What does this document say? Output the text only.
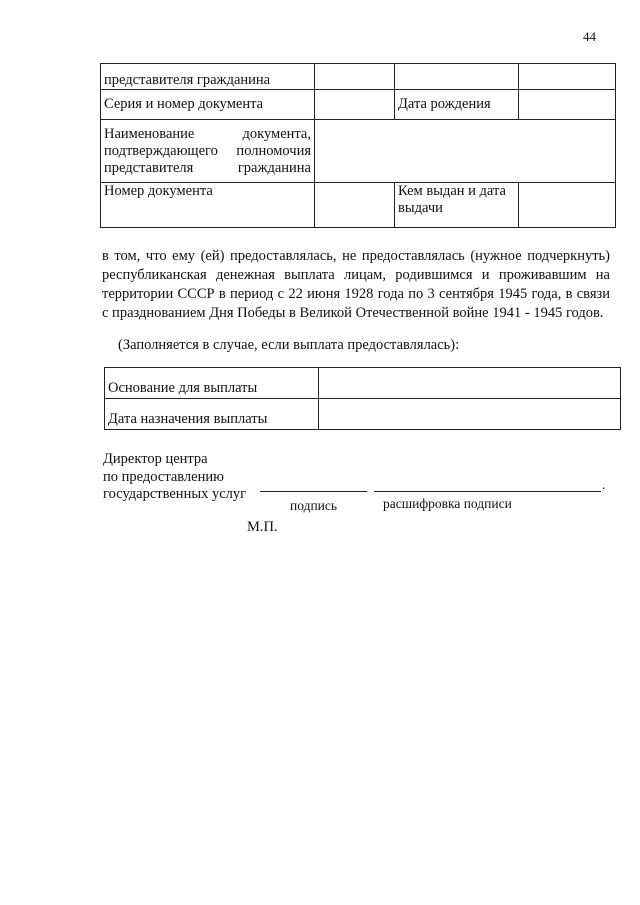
44
представителя гражданина			
Серия и номер документа		Дата рождения	
Наименование документа, подтверждающего полномочия представителя гражданина			
Номер документа		Кем выдан и дата выдачи	
в том, что ему (ей) предоставлялась, не предоставлялась (нужное подчеркнуть) республиканская денежная выплата лицам, родившимся и проживавшим на территории СССР в период с 22 июня 1928 года по 3 сентября 1945 года, в связи с празднованием Дня Победы в Великой Отечественной войне 1941 - 1945 годов.
(Заполняется в случае, если выплата предоставлялась):
Основание для выплаты	
Дата назначения выплаты	
Директор центра
по предоставлению
государственных услуг
.
подпись	расшифровка подписи
М.П.
